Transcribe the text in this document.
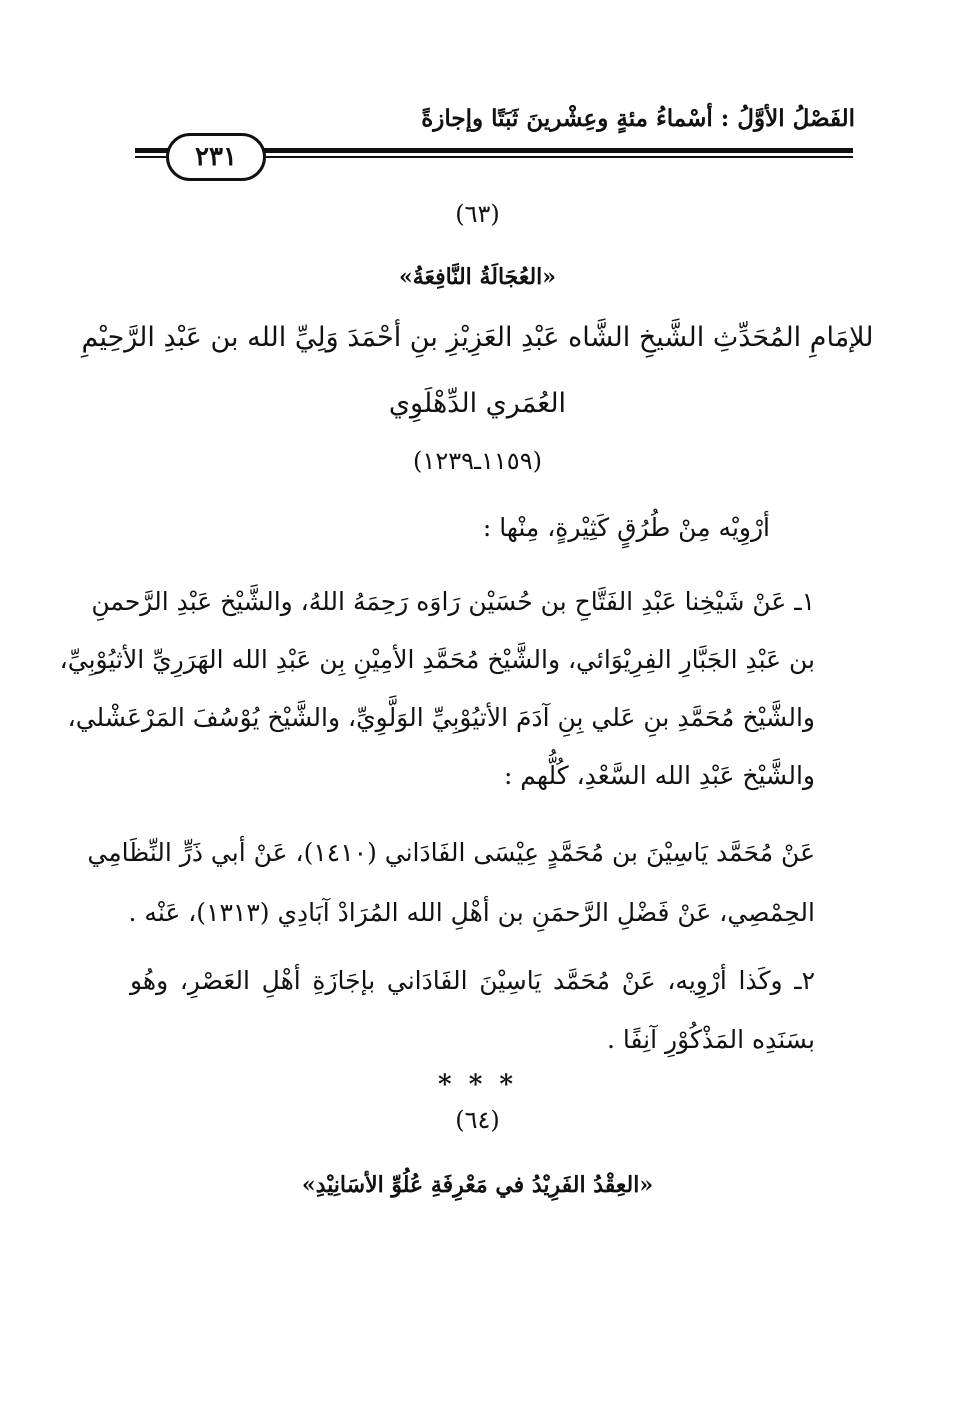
الفَصْلُ الأوَّلُ : أسْماءُ مئةٍ وعِشْرينَ ثَبَتًا وإجازةً
٢٣١
(٦٣)
«العُجَالَةُ النَّافِعَةُ»
للإمَامِ المُحَدِّثِ الشَّيخِ الشَّاه عَبْدِ العَزِيْزِ بنِ أحْمَدَ وَلِيِّ الله بن عَبْدِ الرَّحِيْمِ
العُمَري الدِّهْلَوِي
(١١٥٩ـ١٢٣٩)
أرْوِيْه مِنْ طُرُقٍ كَثِيْرةٍ، مِنْها :
١ـ عَنْ شَيْخِنا عَبْدِ الفَتَّاحِ بن حُسَيْن رَاوَه رَحِمَهُ اللهُ، والشَّيْخ عَبْدِ الرَّحمنِ
بن عَبْدِ الجَبَّارِ الفِرِيْوَائي، والشَّيْخ مُحَمَّدِ الأمِيْنِ بِن عَبْدِ الله الهَرَرِيِّ الأثيُوْبِيِّ،
والشَّيْخ مُحَمَّدِ بنِ عَلي بِنِ آدَمَ الأتيُوْبِيِّ الوَلَّوِيِّ، والشَّيْخ يُوْسُفَ المَرْعَشْلي،
والشَّيْخ عَبْدِ الله السَّعْدِ، كُلُّهم :
عَنْ مُحَمَّد يَاسِيْنَ بن مُحَمَّدٍ عِيْسَى الفَادَاني (١٤١٠)، عَنْ أبي ذَرٍّ النِّظَامِي
الحِمْصِي، عَنْ فَضْلِ الرَّحمَنِ بن أهْلِ الله المُرَادْ آبَادِي (١٣١٣)، عَنْه .
٢ـ وكَذا أرْوِيه، عَنْ مُحَمَّد يَاسِيْنَ الفَادَاني بإجَازَةِ أهْلِ العَصْرِ، وهُو
بسَنَدِه المَذْكُوْرِ آنِفًا .
* * *
(٦٤)
«العِقْدُ الفَرِيْدُ في مَعْرِفَةِ عُلُوِّ الأسَانِيْدِ»
